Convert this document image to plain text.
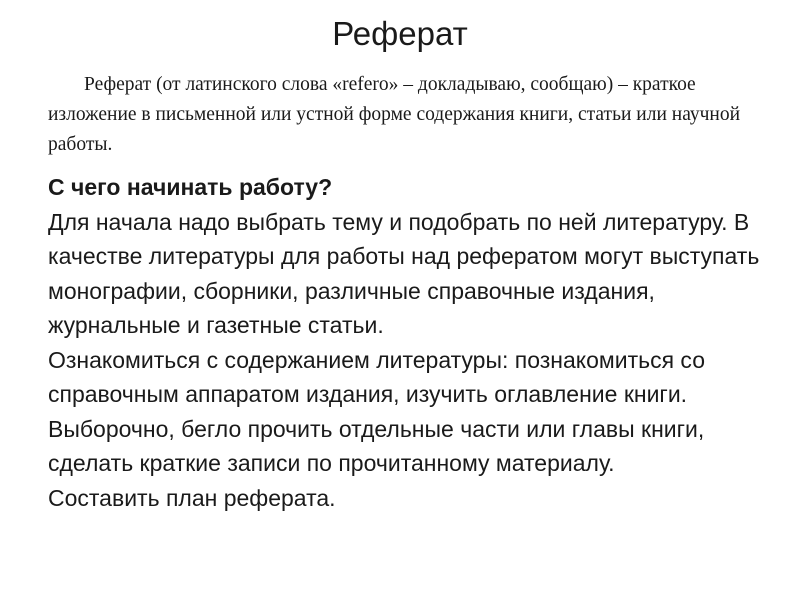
Реферат
Реферат (от латинского слова «refero» – докладываю, сообщаю) – краткое изложение в письменной или устной форме содержания книги, статьи или научной работы.

С чего начинать работу?

Для начала надо выбрать тему и подобрать по ней литературу. В качестве литературы для работы над рефератом могут выступать монографии, сборники, различные справочные издания, журнальные и газетные статьи.

Ознакомиться с содержанием литературы: познакомиться со справочным аппаратом издания, изучить оглавление книги. Выборочно, бегло прочить отдельные части или главы книги, сделать краткие записи по прочитанному материалу.

Составить план реферата.
